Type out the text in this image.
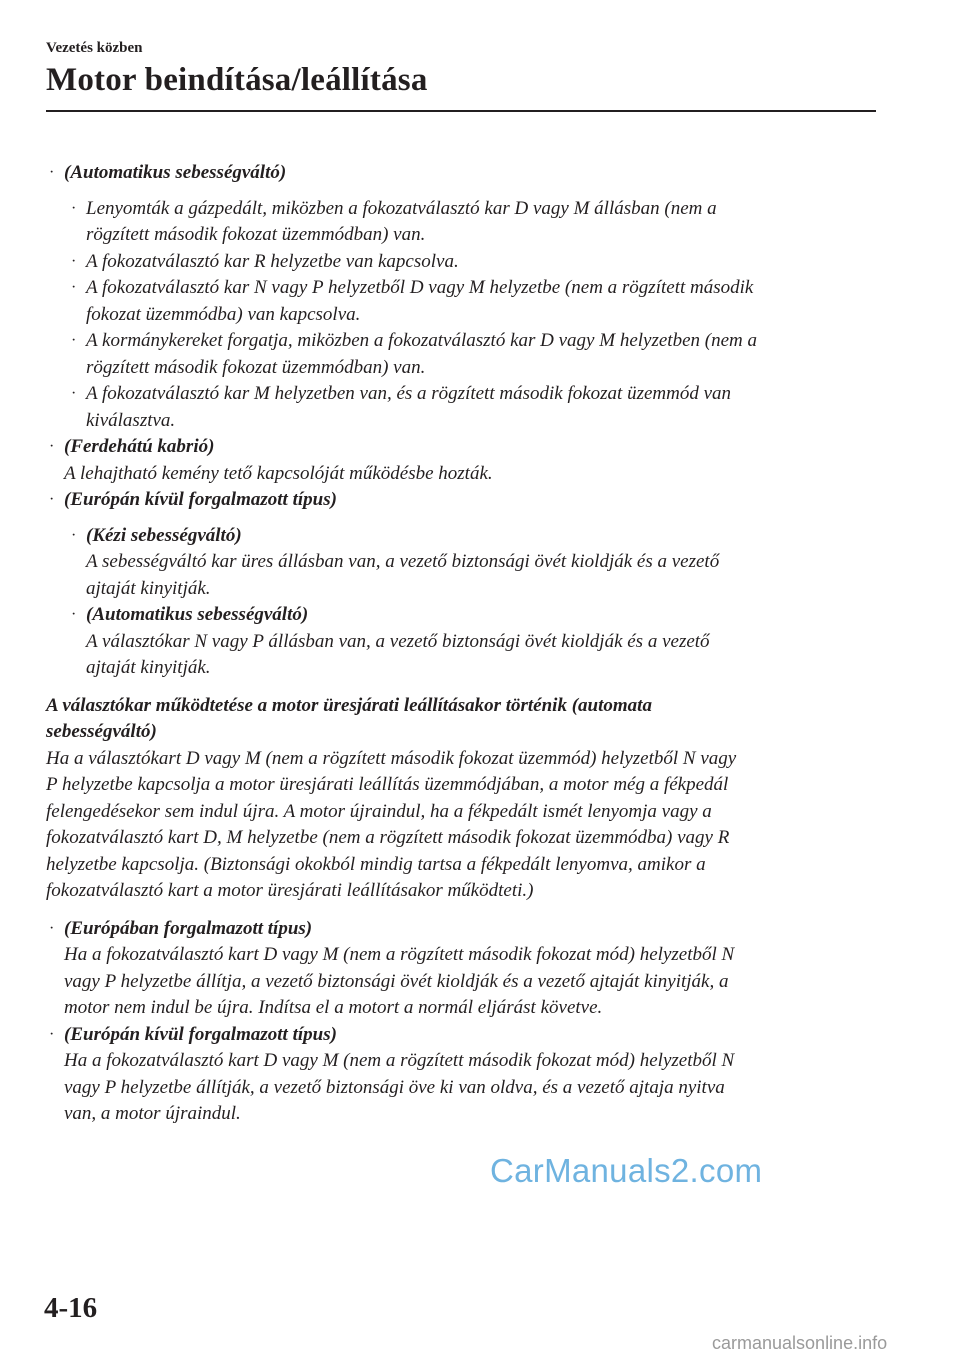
Vezetés közben
Motor beindítása/leállítása
· (Automatikus sebességváltó)
· Lenyomták a gázpedált, miközben a fokozatválasztó kar D vagy M állásban (nem a
rögzített második fokozat üzemmódban) van.
· A fokozatválasztó kar R helyzetbe van kapcsolva.
· A fokozatválasztó kar N vagy P helyzetből D vagy M helyzetbe (nem a rögzített második
fokozat üzemmódba) van kapcsolva.
· A kormánykereket forgatja, miközben a fokozatválasztó kar D vagy M helyzetben (nem a
rögzített második fokozat üzemmódban) van.
· A fokozatválasztó kar M helyzetben van, és a rögzített második fokozat üzemmód van
kiválasztva.
· (Ferdehátú kabrió)
A lehajtható kemény tető kapcsolóját működésbe hozták.
· (Európán kívül forgalmazott típus)
· (Kézi sebességváltó)
A sebességváltó kar üres állásban van, a vezető biztonsági övét kioldják és a vezető
ajtaját kinyitják.
· (Automatikus sebességváltó)
A választókar N vagy P állásban van, a vezető biztonsági övét kioldják és a vezető
ajtaját kinyitják.
A választókar működtetése a motor üresjárati leállításakor történik (automata
sebességváltó)
Ha a választókart D vagy M (nem a rögzített második fokozat üzemmód) helyzetből N vagy
P helyzetbe kapcsolja a motor üresjárati leállítás üzemmódjában, a motor még a fékpedál
felengedésekor sem indul újra. A motor újraindul, ha a fékpedált ismét lenyomja vagy a
fokozatválasztó kart D, M helyzetbe (nem a rögzített második fokozat üzemmódba) vagy R
helyzetbe kapcsolja. (Biztonsági okokból mindig tartsa a fékpedált lenyomva, amikor a
fokozatválasztó kart a motor üresjárati leállításakor működteti.)
· (Európában forgalmazott típus)
Ha a fokozatválasztó kart D vagy M (nem a rögzített második fokozat mód) helyzetből N
vagy P helyzetbe állítja, a vezető biztonsági övét kioldják és a vezető ajtaját kinyitják, a
motor nem indul be újra. Indítsa el a motort a normál eljárást követve.
· (Európán kívül forgalmazott típus)
Ha a fokozatválasztó kart D vagy M (nem a rögzített második fokozat mód) helyzetből N
vagy P helyzetbe állítják, a vezető biztonsági öve ki van oldva, és a vezető ajtaja nyitva
van, a motor újraindul.
CarManuals2.com
4-16
carmanualsonline.info
